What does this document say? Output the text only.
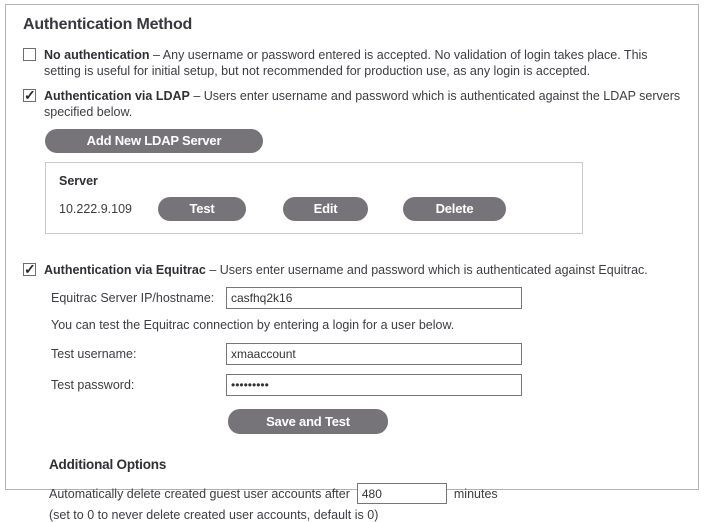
Authentication Method
No authentication – Any username or password entered is accepted. No validation of login takes place. This setting is useful for initial setup, but not recommended for production use, as any login is accepted.
✓
Authentication via LDAP – Users enter username and password which is authenticated against the LDAP servers specified below.
Add New LDAP Server
Server
10.222.9.109	Test	Edit	Delete
✓
Authentication via Equitrac – Users enter username and password which is authenticated against Equitrac.
Equitrac Server IP/hostname:
casfhq2k16
You can test the Equitrac connection by entering a login for a user below.
Test username:
xmaaccount
Test password:
•••••••••
Save and Test
Additional Options
Automatically delete created guest user accounts after
480	minutes
(set to 0 to never delete created user accounts, default is 0)
